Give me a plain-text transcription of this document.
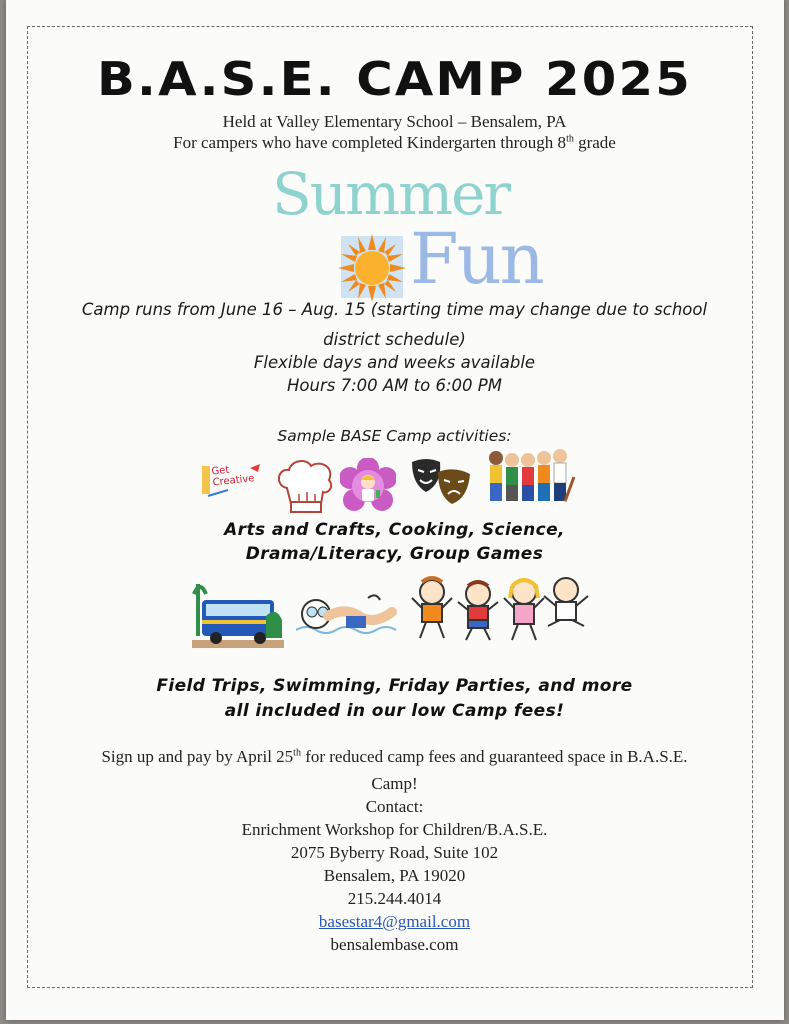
B.A.S.E. CAMP 2025
Held at Valley Elementary School – Bensalem, PA
For campers who have completed Kindergarten through 8th grade
Summer
Fun
Camp runs from June 16 – Aug. 15 (starting time may change due to school
district schedule)
Flexible days and weeks available
Hours 7:00 AM to 6:00 PM
Sample BASE Camp activities:
Get Creative
Arts and Crafts, Cooking, Science,
Drama/Literacy, Group Games
Field Trips, Swimming, Friday Parties, and more
all included in our low Camp fees!
Sign up and pay by April 25th for reduced camp fees and guaranteed space in B.A.S.E.
Camp!
Contact:
Enrichment Workshop for Children/B.A.S.E.
2075 Byberry Road, Suite 102
Bensalem, PA 19020
215.244.4014
basestar4@gmail.com
bensalembase.com
